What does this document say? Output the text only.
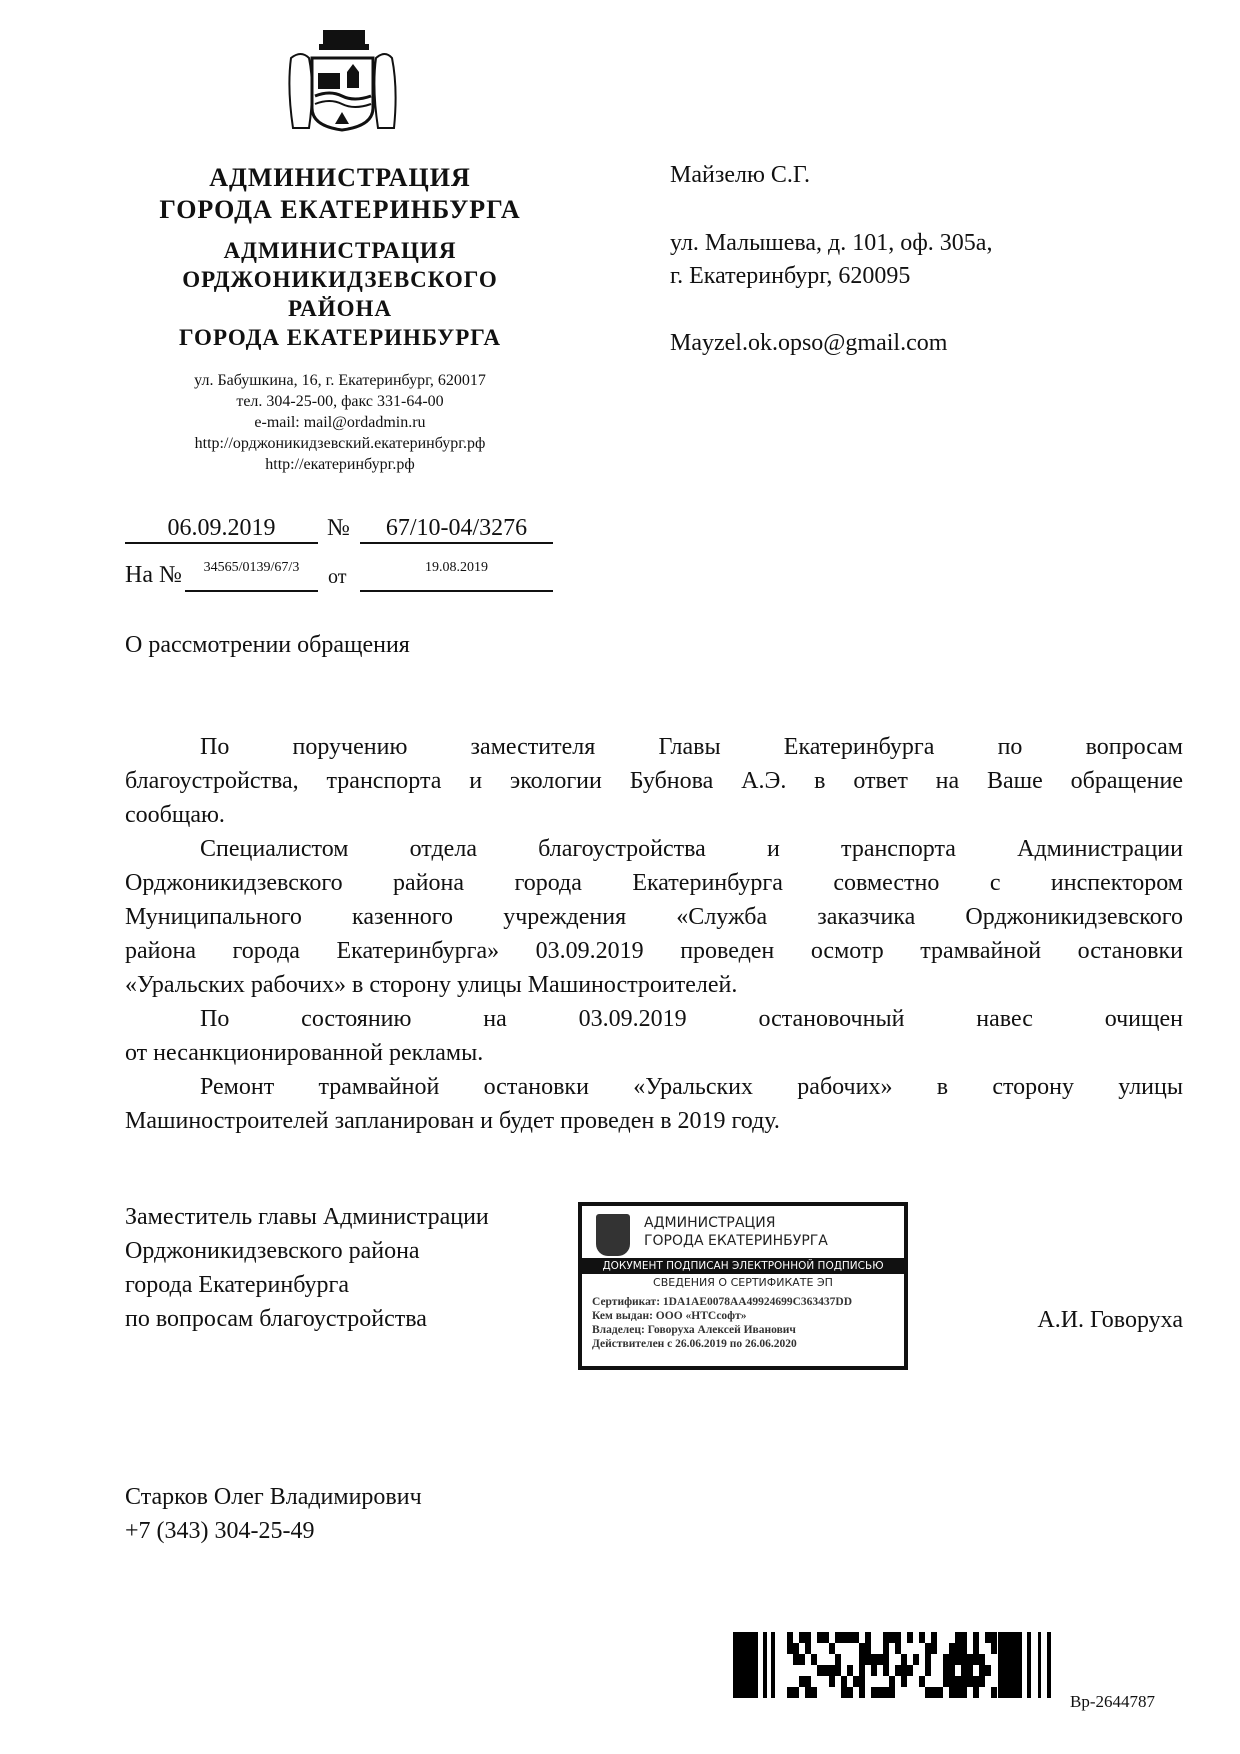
АДМИНИСТРАЦИЯ
ГОРОДА ЕКАТЕРИНБУРГА
АДМИНИСТРАЦИЯ
ОРДЖОНИКИДЗЕВСКОГО
РАЙОНА
ГОРОДА ЕКАТЕРИНБУРГА
ул. Бабушкина, 16, г. Екатеринбург, 620017
тел. 304-25-00, факс 331-64-00
e-mail: mail@ordadmin.ru
http://орджоникидзевский.екатеринбург.рф
http://екатеринбург.рф
Майзелю С.Г.
ул. Малышева, д. 101, оф. 305а,
г. Екатеринбург, 620095
Mayzel.ok.opso@gmail.com
06.09.2019	№	67/10-04/3276
На №	34565/0139/67/3	от	19.08.2019
О рассмотрении обращения
По поручению заместителя Главы Екатеринбурга по вопросам
благоустройства, транспорта и экологии Бубнова А.Э. в ответ на Ваше обращение
сообщаю.
Специалистом отдела благоустройства и транспорта Администрации
Орджоникидзевского района города Екатеринбурга совместно с инспектором
Муниципального казенного учреждения «Служба заказчика Орджоникидзевского
района города Екатеринбурга» 03.09.2019 проведен осмотр трамвайной остановки
«Уральских рабочих» в сторону улицы Машиностроителей.
По состоянию на 03.09.2019 остановочный навес очищен
от несанкционированной рекламы.
Ремонт трамвайной остановки «Уральских рабочих» в сторону улицы
Машиностроителей запланирован и будет проведен в 2019 году.
Заместитель главы Администрации
Орджоникидзевского района
города Екатеринбурга
по вопросам благоустройства
АДМИНИСТРАЦИЯ
ГОРОДА ЕКАТЕРИНБУРГА
ДОКУМЕНТ ПОДПИСАН ЭЛЕКТРОННОЙ ПОДПИСЬЮ
СВЕДЕНИЯ О СЕРТИФИКАТЕ ЭП
Сертификат: 1DA1AE0078AA49924699C363437DD
Кем выдан: ООО «НТСсофт»
Владелец: Говоруха Алексей Иванович
Действителен с 26.06.2019 по 26.06.2020
А.И. Говоруха
Старков Олег Владимирович
+7 (343) 304-25-49
Вр-2644787
